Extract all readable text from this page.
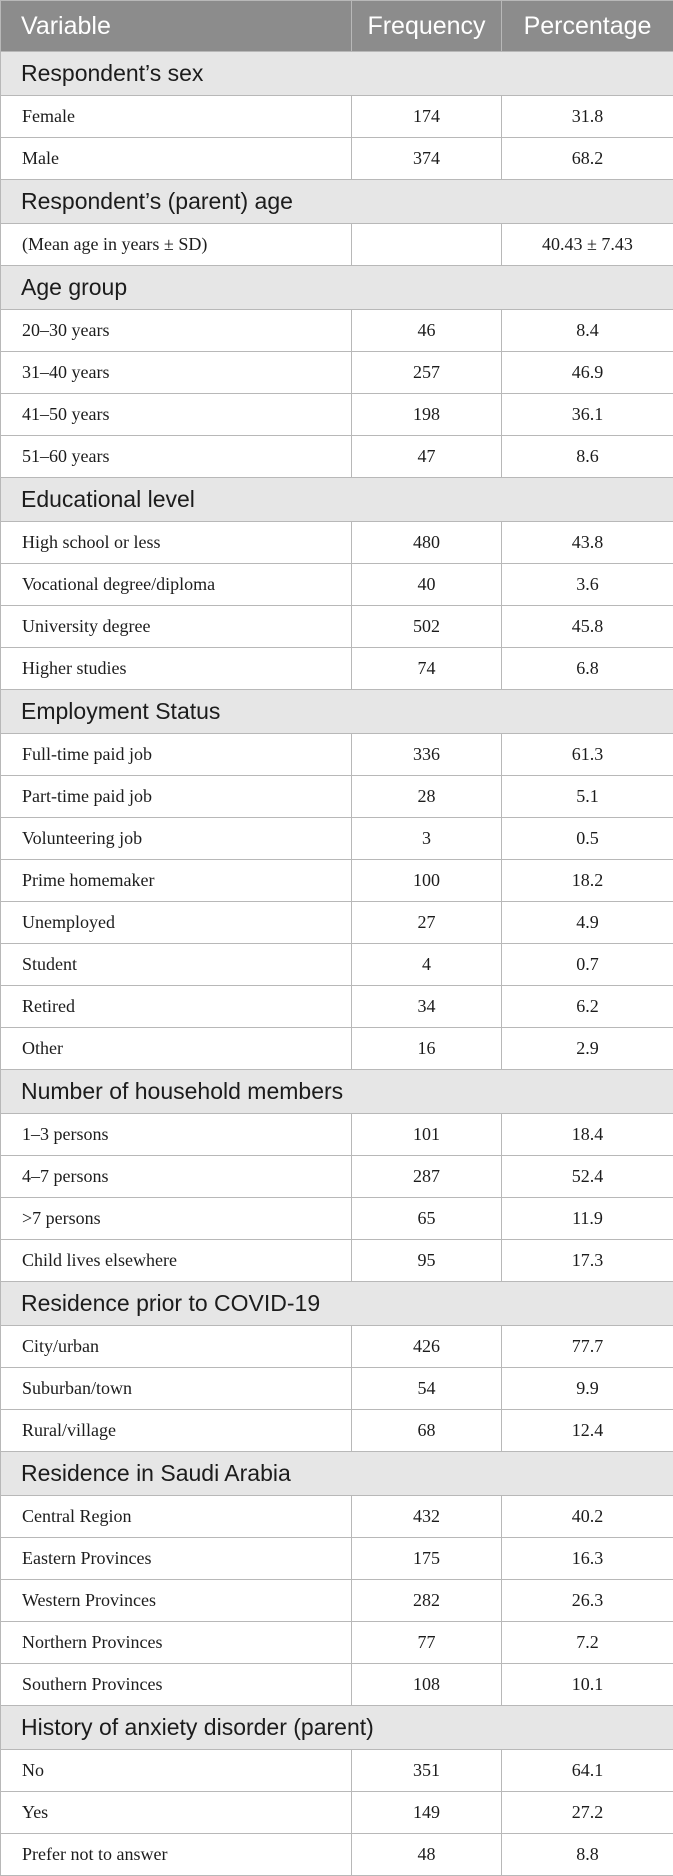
Variable	Frequency	Percentage
Respondent’s sex		
Female	174	31.8
Male	374	68.2
Respondent’s (parent) age		
(Mean age in years ± SD)		40.43 ± 7.43
Age group		
20–30 years	46	8.4
31–40 years	257	46.9
41–50 years	198	36.1
51–60 years	47	8.6
Educational level		
High school or less	480	43.8
Vocational degree/diploma	40	3.6
University degree	502	45.8
Higher studies	74	6.8
Employment Status		
Full-time paid job	336	61.3
Part-time paid job	28	5.1
Volunteering job	3	0.5
Prime homemaker	100	18.2
Unemployed	27	4.9
Student	4	0.7
Retired	34	6.2
Other	16	2.9
Number of household members		
1–3 persons	101	18.4
4–7 persons	287	52.4
>7 persons	65	11.9
Child lives elsewhere	95	17.3
Residence prior to COVID-19		
City/urban	426	77.7
Suburban/town	54	9.9
Rural/village	68	12.4
Residence in Saudi Arabia		
Central Region	432	40.2
Eastern Provinces	175	16.3
Western Provinces	282	26.3
Northern Provinces	77	7.2
Southern Provinces	108	10.1
History of anxiety disorder (parent)		
No	351	64.1
Yes	149	27.2
Prefer not to answer	48	8.8
